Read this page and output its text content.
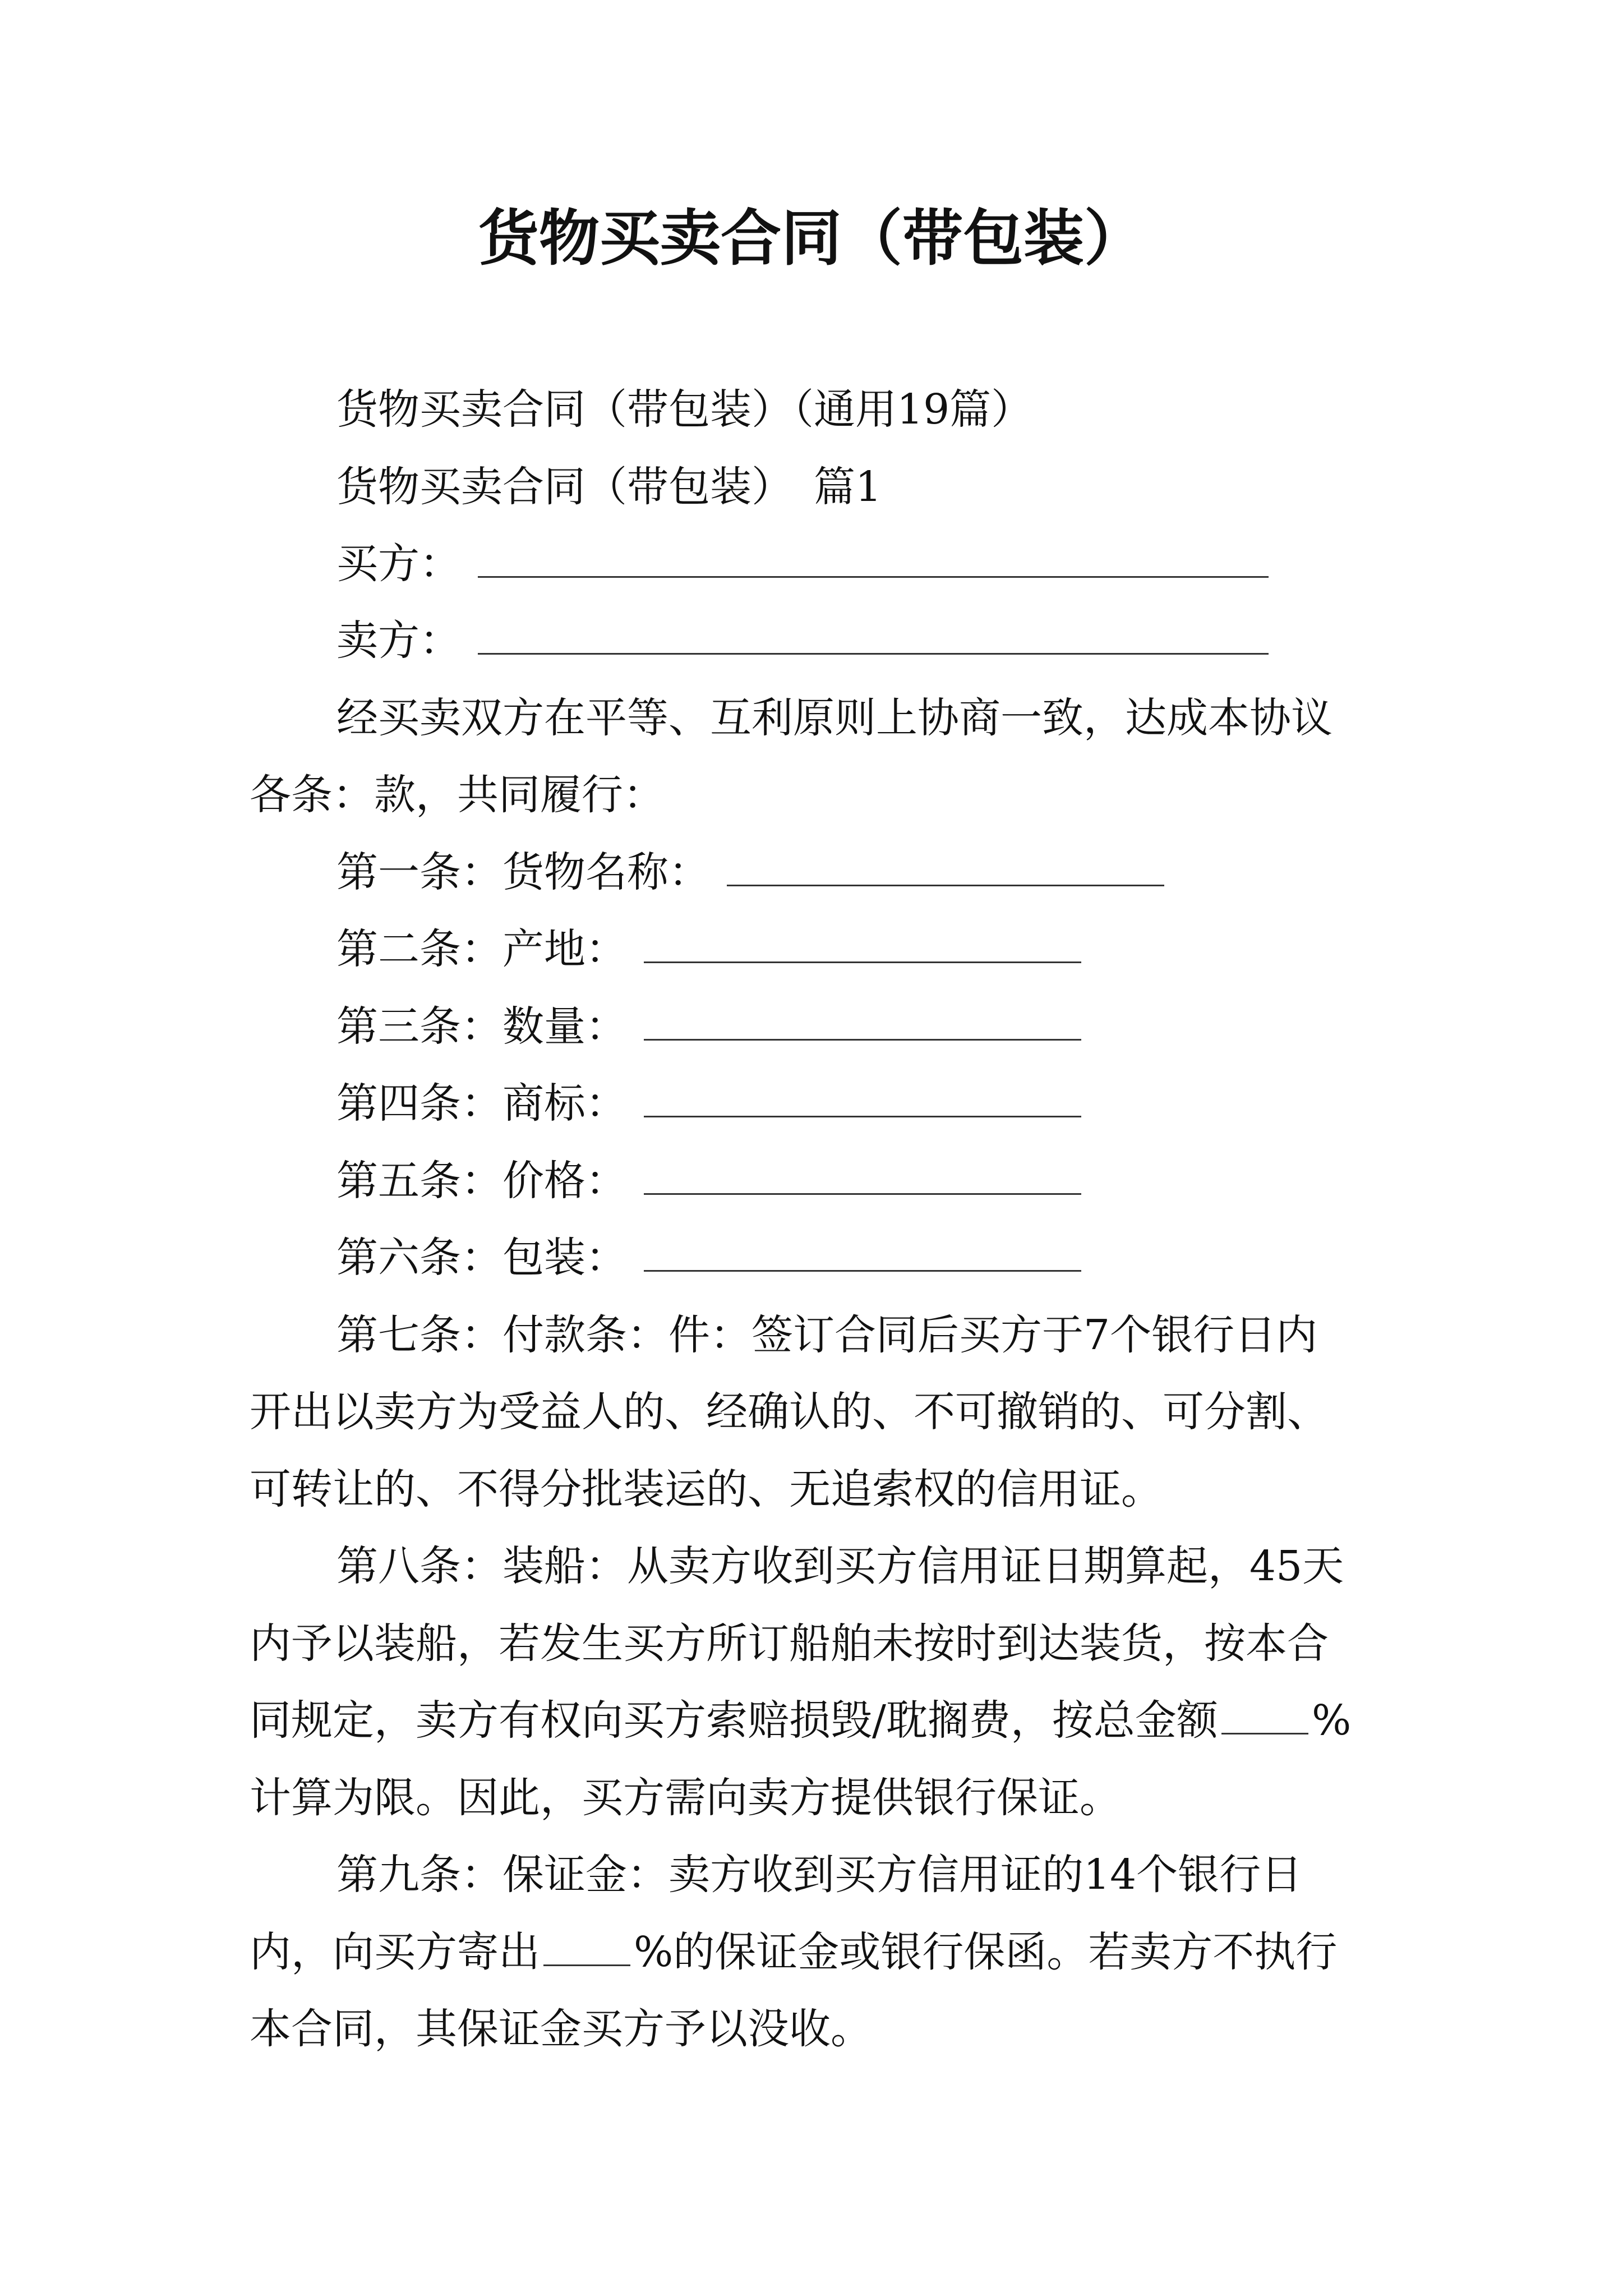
货物买卖合同（带包装）
货物买卖合同（带包装）（通用19篇）
货物买卖合同（带包装）　篇1
买方：
卖方：
经买卖双方在平等、互利原则上协商一致，达成本协议
各条：款，共同履行：
第一条：货物名称：
第二条：产地：
第三条：数量：
第四条：商标：
第五条：价格：
第六条：包装：
第七条：付款条：件：签订合同后买方于7个银行日内
开出以卖方为受益人的、经确认的、不可撤销的、可分割、
可转让的、不得分批装运的、无追索权的信用证。
第八条：装船：从卖方收到买方信用证日期算起，45天
内予以装船，若发生买方所订船舶未按时到达装货，按本合
同规定，卖方有权向买方索赔损毁/耽搁费，按总金额 %
计算为限。因此，买方需向卖方提供银行保证。
第九条：保证金：卖方收到买方信用证的14个银行日
内，向买方寄出 %的保证金或银行保函。若卖方不执行
本合同，其保证金买方予以没收。
